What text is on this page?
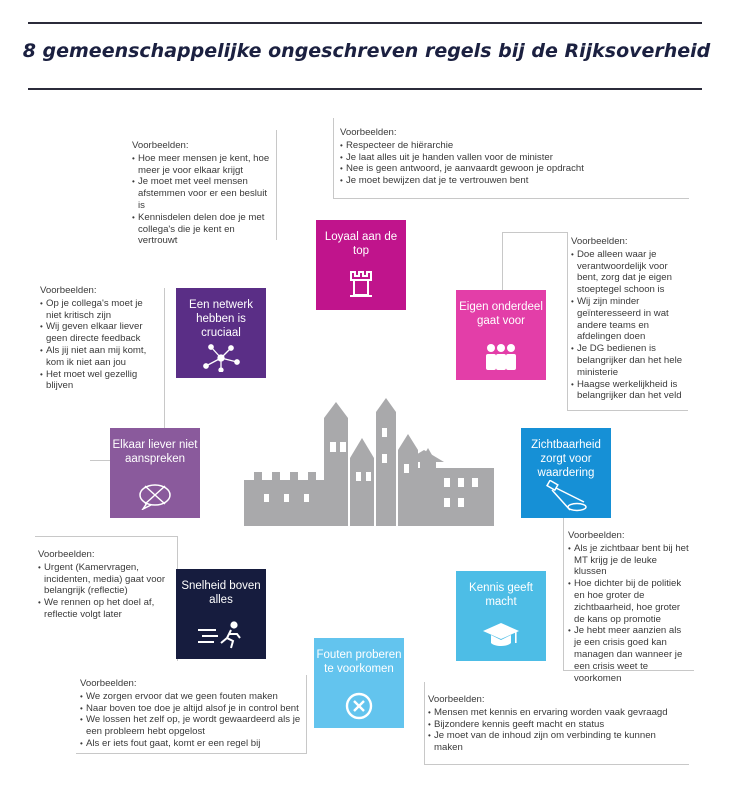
8 gemeenschappelijke ongeschreven regels bij de Rijksoverheid
Voorbeelden:
• Respecteer de hiërarchie
• Je laat alles uit je handen vallen voor de minister
• Nee is geen antwoord, je aanvaardt gewoon je opdracht
• Je moet bewijzen dat je te vertrouwen bent
Voorbeelden:
• Hoe meer mensen je kent, hoe meer je voor elkaar krijgt
• Je moet met veel mensen afstemmen voor er een besluit is
• Kennisdelen delen doe je met collega's die je kent en vertrouwt	Voorbeelden:
• Doe alleen waar je verantwoordelijk voor bent, zorg dat je eigen stoeptegel schoon is
• Wij zijn minder geïnteresseerd in wat andere teams en afdelingen doen
• Je DG bedienen is belangrijker dan het hele ministerie
• Haagse werkelijkheid is belangrijker dan het veld
Voorbeelden:
• Op je collega's moet je niet kritisch zijn
• Wij geven elkaar liever geen directe feedback
• Als jij niet aan mij komt, kom ik niet aan jou
• Het moet wel gezellig blijven
Voorbeelden:
• Als je zichtbaar bent bij het MT krijg je de leuke klussen
• Hoe dichter bij de politiek en hoe groter de zichtbaarheid, hoe groter de kans op promotie
• Je hebt meer aanzien als je een crisis goed kan managen dan wanneer je een crisis weet te voorkomen
Voorbeelden:
• Urgent (Kamervragen, incidenten, media) gaat voor belangrijk (reflectie)
• We rennen op het doel af, reflectie volgt later
Voorbeelden:
• We zorgen ervoor dat we geen fouten maken
• Naar boven toe doe je altijd alsof je in control bent
• We lossen het zelf op, je wordt gewaardeerd als je een probleem hebt opgelost
• Als er iets fout gaat, komt er een regel bij
Voorbeelden:
• Mensen met kennis en ervaring worden vaak gevraagd
• Bijzondere kennis geeft macht en status
• Je moet van de inhoud zijn om verbinding te kunnen maken
Loyaal aan de top
Een netwerk hebben is cruciaal
Eigen onderdeel gaat voor
Elkaar liever niet aanspreken
Zichtbaarheid zorgt voor waardering
Snelheid boven alles
Kennis geeft macht
Fouten proberen te voorkomen
